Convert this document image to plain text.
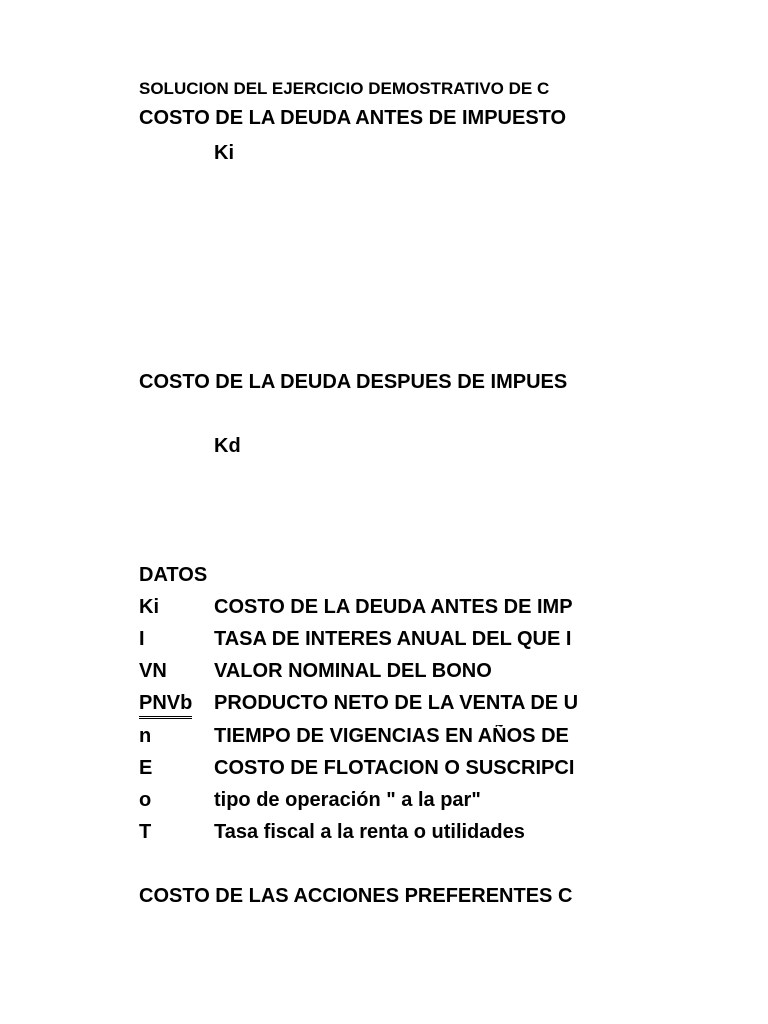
SOLUCION DEL EJERCICIO DEMOSTRATIVO DE C
COSTO DE LA DEUDA ANTES DE IMPUESTO
Ki
COSTO DE LA DEUDA DESPUES DE IMPUES
Kd
DATOS
Ki	COSTO DE LA DEUDA ANTES DE IMP
I	TASA DE INTERES ANUAL DEL QUE I
VN VALOR NOMINAL DEL BONO
PNVb PRODUCTO NETO DE LA VENTA DE U
n	TIEMPO DE VIGENCIAS EN AÑOS DE
E	COSTO DE FLOTACION O SUSCRIPCI
o	tipo de operación " a la par"
T	Tasa fiscal a la renta o utilidades
COSTO DE LAS ACCIONES PREFERENTES C
